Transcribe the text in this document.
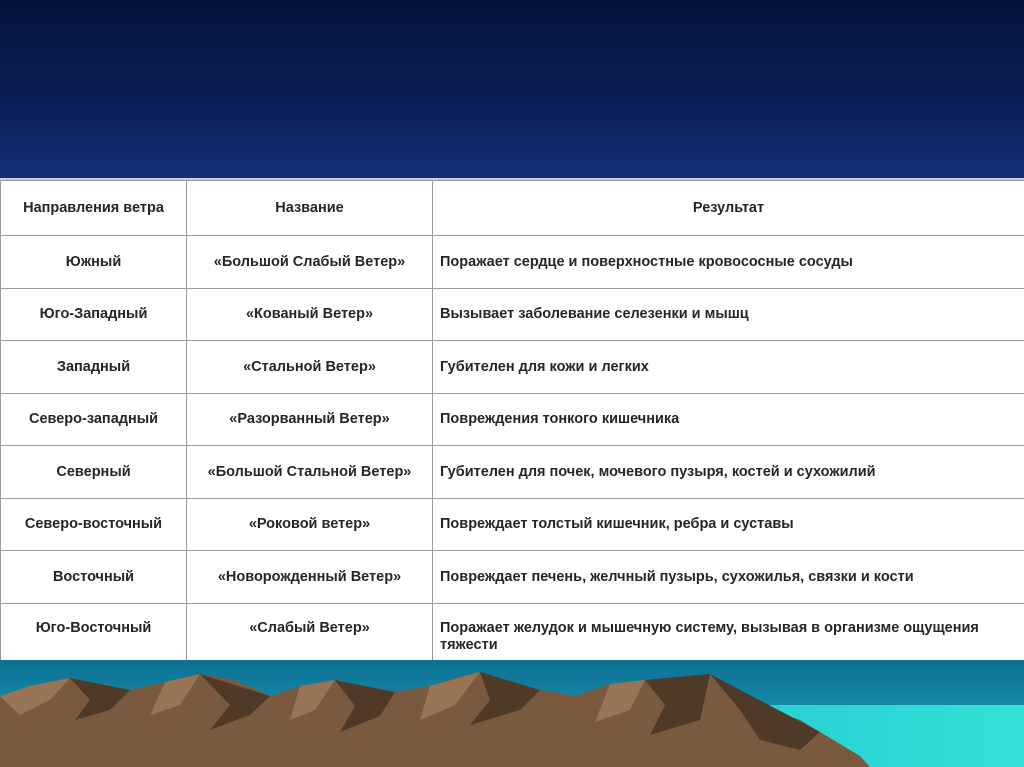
Направления ветра	Название	Результат
Южный	«Большой Слабый Ветер»	Поражает сердце и поверхностные кровососные сосуды
Юго-Западный	«Кованый Ветер»	Вызывает заболевание селезенки и мышц
Западный	«Стальной Ветер»	Губителен для кожи и легких
Северо-западный	«Разорванный Ветер»	Повреждения тонкого кишечника
Северный	«Большой Стальной Ветер»	Губителен для почек, мочевого пузыря, костей и сухожилий
Северо-восточный	«Роковой ветер»	Повреждает толстый кишечник, ребра и суставы
Восточный	«Новорожденный Ветер»	Повреждает печень, желчный пузырь, сухожилья, связки и кости
Юго-Восточный	«Слабый Ветер»	Поражает желудок и мышечную систему, вызывая в организме ощущения тяжести
